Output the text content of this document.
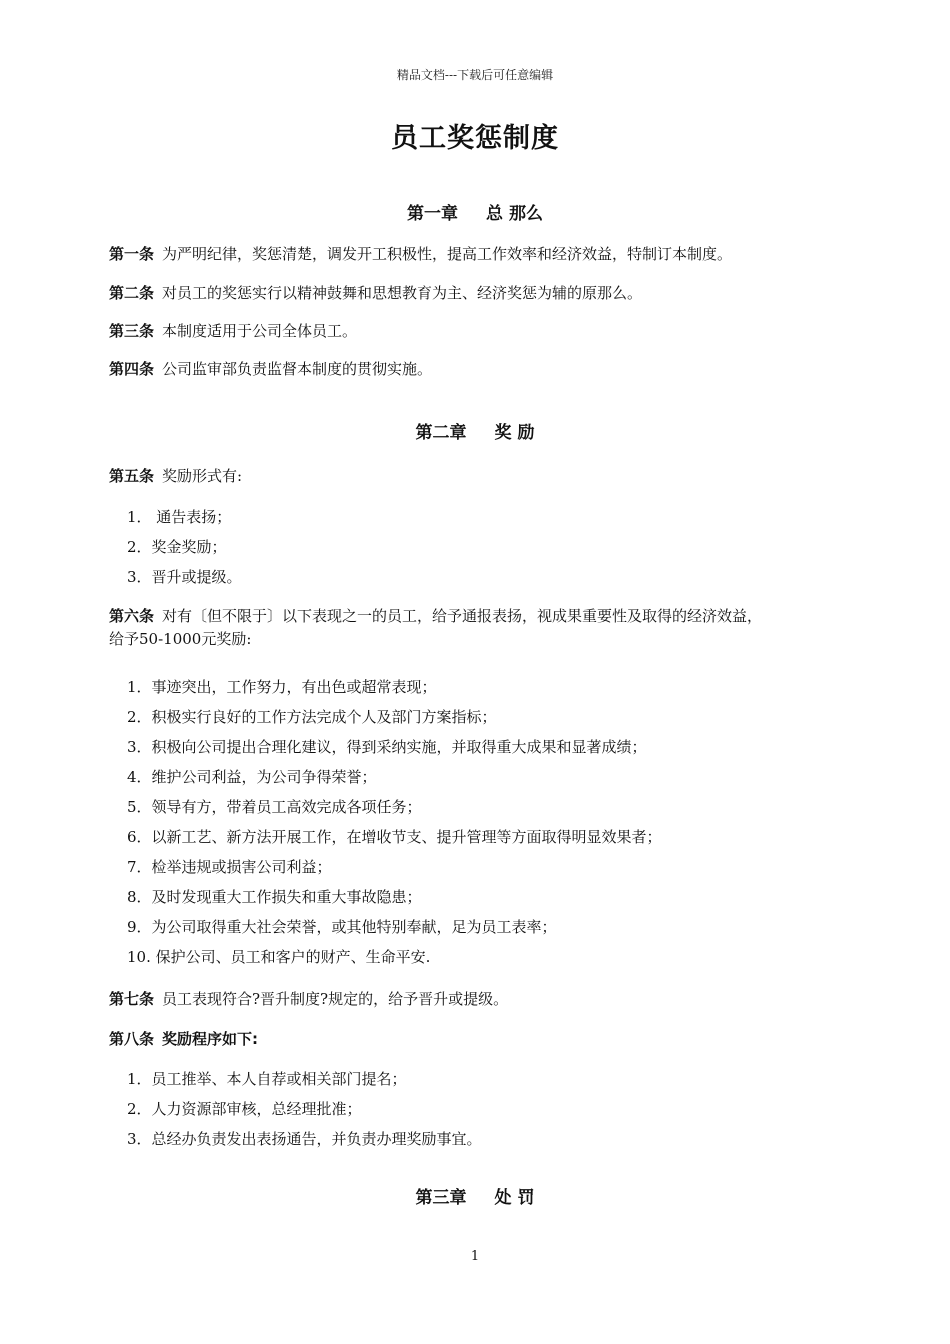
精品文档---下载后可任意编辑
员工奖惩制度
第一章 总 那么
第一条 为严明纪律，奖惩清楚，调发开工积极性，提高工作效率和经济效益，特制订本制度。
第二条 对员工的奖惩实行以精神鼓舞和思想教育为主、经济奖惩为辅的原那么。
第三条 本制度适用于公司全体员工。
第四条 公司监审部负责监督本制度的贯彻实施。
第二章 奖 励
第五条 奖励形式有:
1． 通告表扬；
2．奖金奖励；
3．晋升或提级。
第六条 对有〔但不限于〕以下表现之一的员工，给予通报表扬，视成果重要性及取得的经济效益，
给予50-1000元奖励:
1．事迹突出，工作努力，有出色或超常表现；
2．积极实行良好的工作方法完成个人及部门方案指标；
3．积极向公司提出合理化建议，得到采纳实施，并取得重大成果和显著成绩；
4．维护公司利益，为公司争得荣誉；
5．领导有方，带着员工高效完成各项任务；
6．以新工艺、新方法开展工作，在增收节支、提升管理等方面取得明显效果者；
7．检举违规或损害公司利益；
8．及时发现重大工作损失和重大事故隐患；
9．为公司取得重大社会荣誉，或其他特别奉献，足为员工表率；
10. 保护公司、员工和客户的财产、生命平安.
第七条 员工表现符合?晋升制度?规定的，给予晋升或提级。
第八条 奖励程序如下:
1．员工推举、本人自荐或相关部门提名；
2．人力资源部审核，总经理批准；
3．总经办负责发出表扬通告，并负责办理奖励事宜。
第三章 处 罚
1
